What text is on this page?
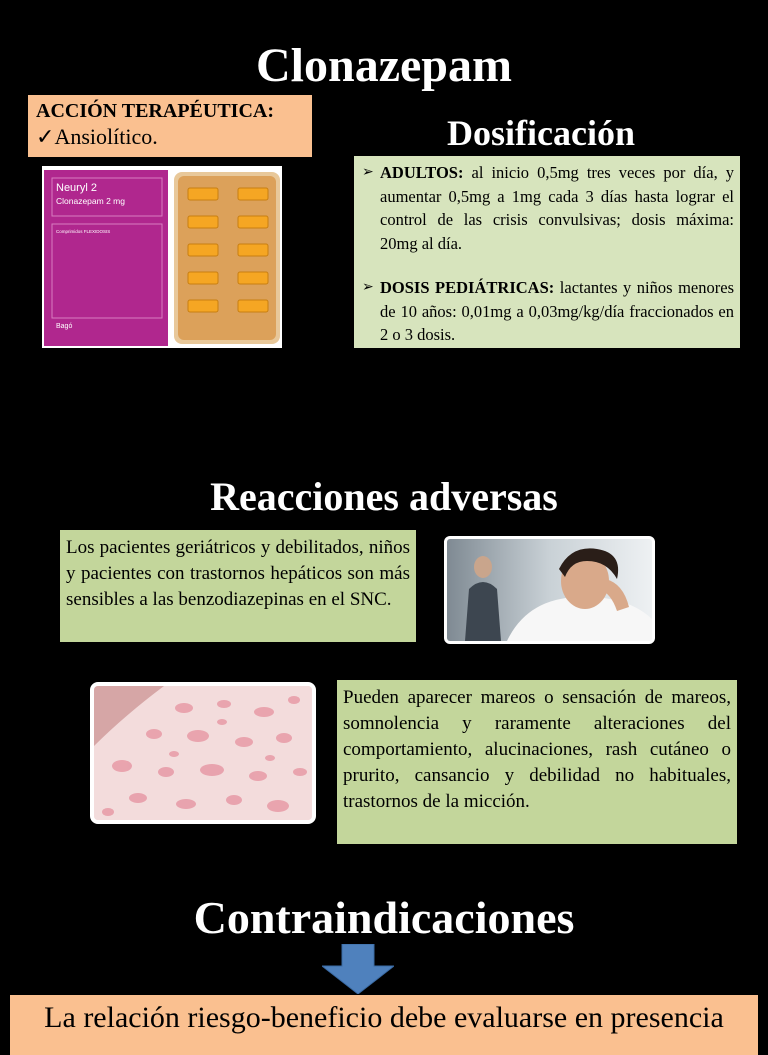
Clonazepam
ACCIÓN TERAPÉUTICA:
✓Ansiolítico.
Neuryl 2
Clonazepam 2 mg
Comprimidos FLEXIDOSIS
Bagó
Dosificación
➢ ADULTOS: al inicio 0,5mg tres veces por día, y aumentar 0,5mg a 1mg cada 3 días hasta lograr el control de las crisis convulsivas; dosis máxima: 20mg al día.
➢ DOSIS PEDIÁTRICAS: lactantes y niños menores de 10 años: 0,01mg a 0,03mg/kg/día fraccionados en 2 o 3 dosis.
Reacciones adversas
Los pacientes geriátricos y debilitados, niños y pacientes con trastornos hepáticos son más sensibles a las benzodiazepinas en el SNC.
Pueden aparecer mareos o sensación de mareos, somnolencia y raramente alteraciones del comportamiento, alucinaciones, rash cutáneo o prurito, cansancio y debilidad no habituales, trastornos de la micción.
Contraindicaciones
La relación riesgo-beneficio debe evaluarse en presencia
